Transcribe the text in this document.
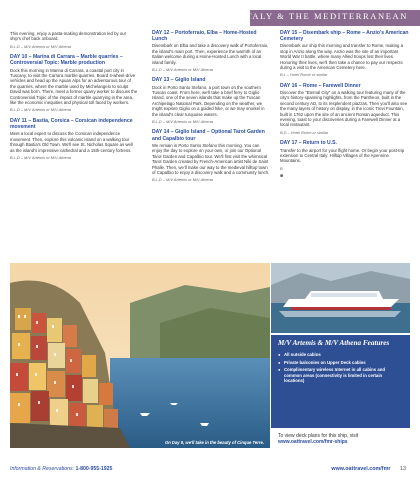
ITALY & THE MEDITERRANEAN
This evening, enjoy a pasta-making demonstration led by our ship's chef back onboard.
B,L,D – M/V Artemis or M/V Athena
DAY 10 – Marina di Carrara – Marble quarries – Controversial Topic: Marble production
Dock this morning in Marina di Carrara, a coastal port city in Tuscany, to visit the Carrara marble quarries. Board 4-wheel-drive vehicles and head up the Apuan Alps for an adventurous tour of the quarries, where the marble used by Michelangelo to sculpt David was born. There, meet a former quarry worker to discuss the Controversial Topic of the impact of marble quarrying in the area, like the economic inequities and physical toll faced by workers.
B,L,D – M/V Artemis or M/V Athena
DAY 11 – Bastia, Corsica – Corsican independence movement
Meet a local expert to discuss the Corsican independence movement. Then, explore this volcanic island on a walking tour through Bastia's Old Town. We'll see St. Nicholas Square as well as the island's impressive cathedral and a 15th-century fortress.
B,L,D – M/V Artemis or M/V Athena
DAY 12 – Portoferraio, Elba – Home-Hosted Lunch
Disembark on Elba and take a discovery walk of Portoferraio, the island's main port. Then, experience the warmth of an Italian welcome during a Home-Hosted Lunch with a local island family.
B,L,D – M/V Artemis or M/V Athena
DAY 13 – Giglio Island
Dock in Porto Santo Stefano, a port town on the southern Tuscan coast. From here, we'll take a brief ferry to Giglio Island, one of the seven islands that make up the Tuscan Archipelago National Park. Depending on the weather, we might explore Giglio on a guided hike, or we may snorkel in the island's clear turquoise waters.
B,L,D – M/V Artemis or M/V Athena
DAY 14 – Giglio Island – Optional Tarot Garden and Capalbio tour
We remain in Porto Santo Stefano this morning. You can enjoy the day to explore on your own, or join our Optional Tarot Garden and Capalbio tour. We'll first visit the whimsical Tarot Garden created by French-American artist Niki de Saint Phalle. Then, we'll make our way to the medieval hilltop town of Capalbio to enjoy a discovery walk and a community lunch.
B,L,D – M/V Artemis or M/V Athena
DAY 15 – Disembark ship – Rome – Anzio's American Cemetery
Disembark our ship this morning and transfer to Rome, making a stop in Anzio along the way. Anzio was the site of an important World War II battle, where many Allied troops lost their lives. Honoring their lives, we'll then take a chance to pay our respects during a visit to the American Cemetery here.
B,L – Hotel Rome or similar
DAY 16 – Rome – Farewell Dinner
Discover the "Eternal City" on a walking tour featuring many of the city's history-spanning highlights, from the Pantheon, built in the second century AD, to its resplendent piazzas. Then you'll also see the many layers of history on display, in the iconic Trevi Fountain, built in 1762 upon the site of an ancient Roman aqueduct. This evening, toast to your discoveries during a Farewell Dinner at a local restaurant.
B,D – Hotel Rome or similar
DAY 17 – Return to U.S.
Transfer to the airport for your flight home. Or begin your post-trip extension to Central Italy: Hilltop Villages of the Apennine Mountains.
B
■
On Day 9, we'll take in the beauty of Cinque Terre.
M/V Artemis & M/V Athena Features
● All outside cabins
● Private balconies on Upper Deck cabins
● Complimentary wireless Internet in all cabins and common areas (connectivity is limited in certain locations)
To view deck plans for this ship, visit
www.oattravel.com/fmr-ships
Information & Reservations: 1-800-955-1925	www.oattravel.com/fmr 13
